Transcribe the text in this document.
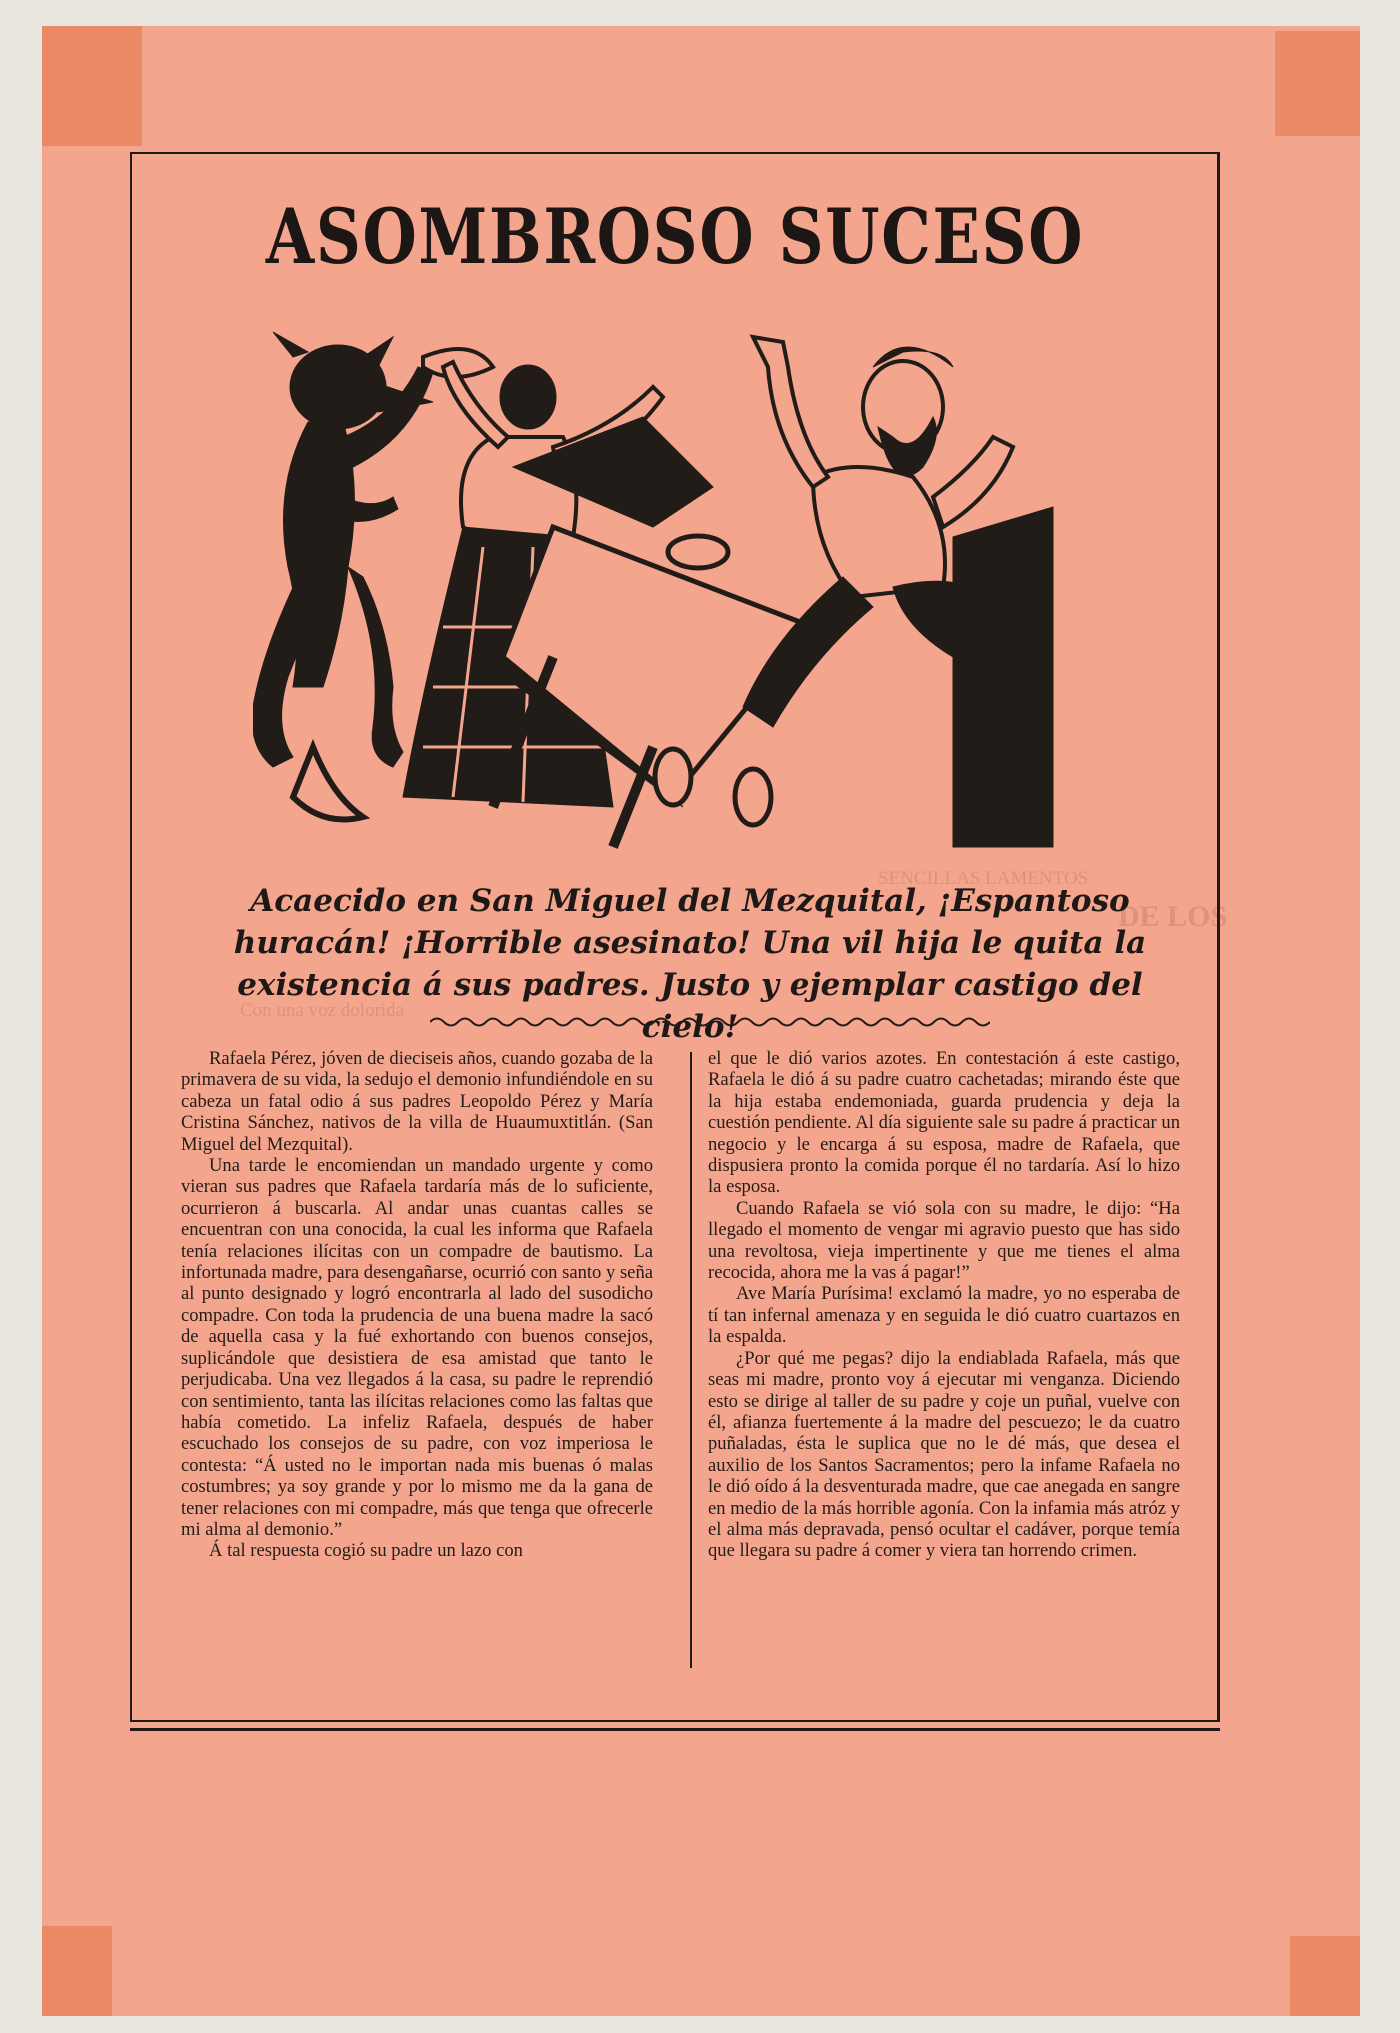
SENCILLAS LAMENTOS
DE LOS
Con una voz dolorida
ASOMBROSO SUCESO

Acaecido en San Miguel del Mezquital, ¡Espantoso huracán! ¡Horrible asesinato! Una vil hija le quita la existencia á sus padres. Justo y ejemplar castigo del cielo!

Rafaela Pérez, jóven de dieciseis años, cuando gozaba de la primavera de su vida, la sedujo el demonio infundiéndole en su cabeza un fatal odio á sus padres Leopoldo Pérez y María Cristina Sánchez, nativos de la villa de Huaumuxtitlán. (San Miguel del Mezquital).

Una tarde le encomiendan un mandado urgente y como vieran sus padres que Rafaela tardaría más de lo suficiente, ocurrieron á buscarla. Al andar unas cuantas calles se encuentran con una conocida, la cual les informa que Rafaela tenía relaciones ilícitas con un compadre de bautismo. La infortunada madre, para desengañarse, ocurrió con santo y seña al punto designado y logró encontrarla al lado del susodicho compadre. Con toda la prudencia de una buena madre la sacó de aquella casa y la fué exhortando con buenos consejos, suplicándole que desistiera de esa amistad que tanto le perjudicaba. Una vez llegados á la casa, su padre le reprendió con sentimiento, tanta las ilícitas relaciones como las faltas que había cometido. La infeliz Rafaela, después de haber escuchado los consejos de su padre, con voz imperiosa le contesta: “Á usted no le importan nada mis buenas ó malas costumbres; ya soy grande y por lo mismo me da la gana de tener relaciones con mi compadre, más que tenga que ofrecerle mi alma al demonio.”

Á tal respuesta cogió su padre un lazo con

el que le dió varios azotes. En contestación á este castigo, Rafaela le dió á su padre cuatro cachetadas; mirando éste que la hija estaba endemoniada, guarda prudencia y deja la cuestión pendiente. Al día siguiente sale su padre á practicar un negocio y le encarga á su esposa, madre de Rafaela, que dispusiera pronto la comida porque él no tardaría. Así lo hizo la esposa.

Cuando Rafaela se vió sola con su madre, le dijo: “Ha llegado el momento de vengar mi agravio puesto que has sido una revoltosa, vieja impertinente y que me tienes el alma recocida, ahora me la vas á pagar!”

Ave María Purísima! exclamó la madre, yo no esperaba de tí tan infernal amenaza y en seguida le dió cuatro cuartazos en la espalda.

¿Por qué me pegas? dijo la endiablada Rafaela, más que seas mi madre, pronto voy á ejecutar mi venganza. Diciendo esto se dirige al taller de su padre y coje un puñal, vuelve con él, afianza fuertemente á la madre del pescuezo; le da cuatro puñaladas, ésta le suplica que no le dé más, que desea el auxilio de los Santos Sacramentos; pero la infame Rafaela no le dió oído á la desventurada madre, que cae anegada en sangre en medio de la más horrible agonía. Con la infamia más atróz y el alma más depravada, pensó ocultar el cadáver, porque temía que llegara su padre á comer y viera tan horrendo crimen.
